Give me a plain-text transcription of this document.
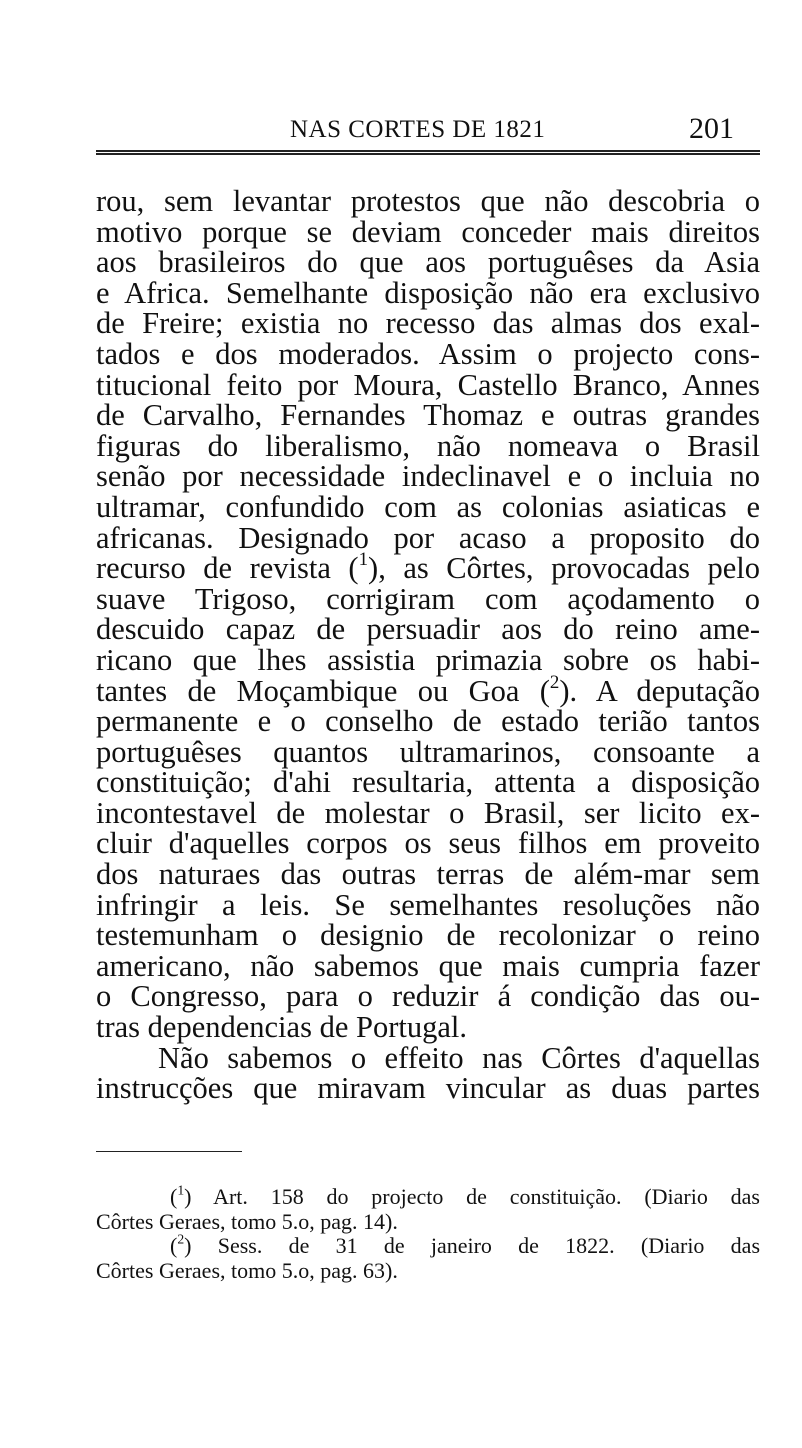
NAS CORTES DE 1821	201
rou, sem levantar protestos que não descobria o
motivo porque se deviam conceder mais direitos
aos brasileiros do que aos portuguêses da Asia
e Africa. Semelhante disposição não era exclusivo
de Freire; existia no recesso das almas dos exal-
tados e dos moderados. Assim o projecto cons-
titucional feito por Moura, Castello Branco, Annes
de Carvalho, Fernandes Thomaz e outras grandes
figuras do liberalismo, não nomeava o Brasil
senão por necessidade indeclinavel e o incluia no
ultramar, confundido com as colonias asiaticas e
africanas. Designado por acaso a proposito do
recurso de revista ($^1$), as Côrtes, provocadas pelo
suave Trigoso, corrigiram com açodamento o
descuido capaz de persuadir aos do reino ame-
ricano que lhes assistia primazia sobre os habi-
tantes de Moçambique ou Goa ($^2$). A deputação
permanente e o conselho de estado terião tantos
portuguêses quantos ultramarinos, consoante a
constituição; d'ahi resultaria, attenta a disposição
incontestavel de molestar o Brasil, ser licito ex-
cluir d'aquelles corpos os seus filhos em proveito
dos naturaes das outras terras de além-mar sem
infringir a leis. Se semelhantes resoluções não
testemunham o designio de recolonizar o reino
americano, não sabemos que mais cumpria fazer
o Congresso, para o reduzir á condição das ou-
tras dependencias de Portugal.
Não sabemos o effeito nas Côrtes d'aquellas
instrucções que miravam vincular as duas partes
($^1$) Art. 158 do projecto de constituição. (Diario das
Côrtes Geraes, tomo 5.o, pag. 14).
($^2$) Sess. de 31 de janeiro de 1822. (Diario das
Côrtes Geraes, tomo 5.o, pag. 63).
